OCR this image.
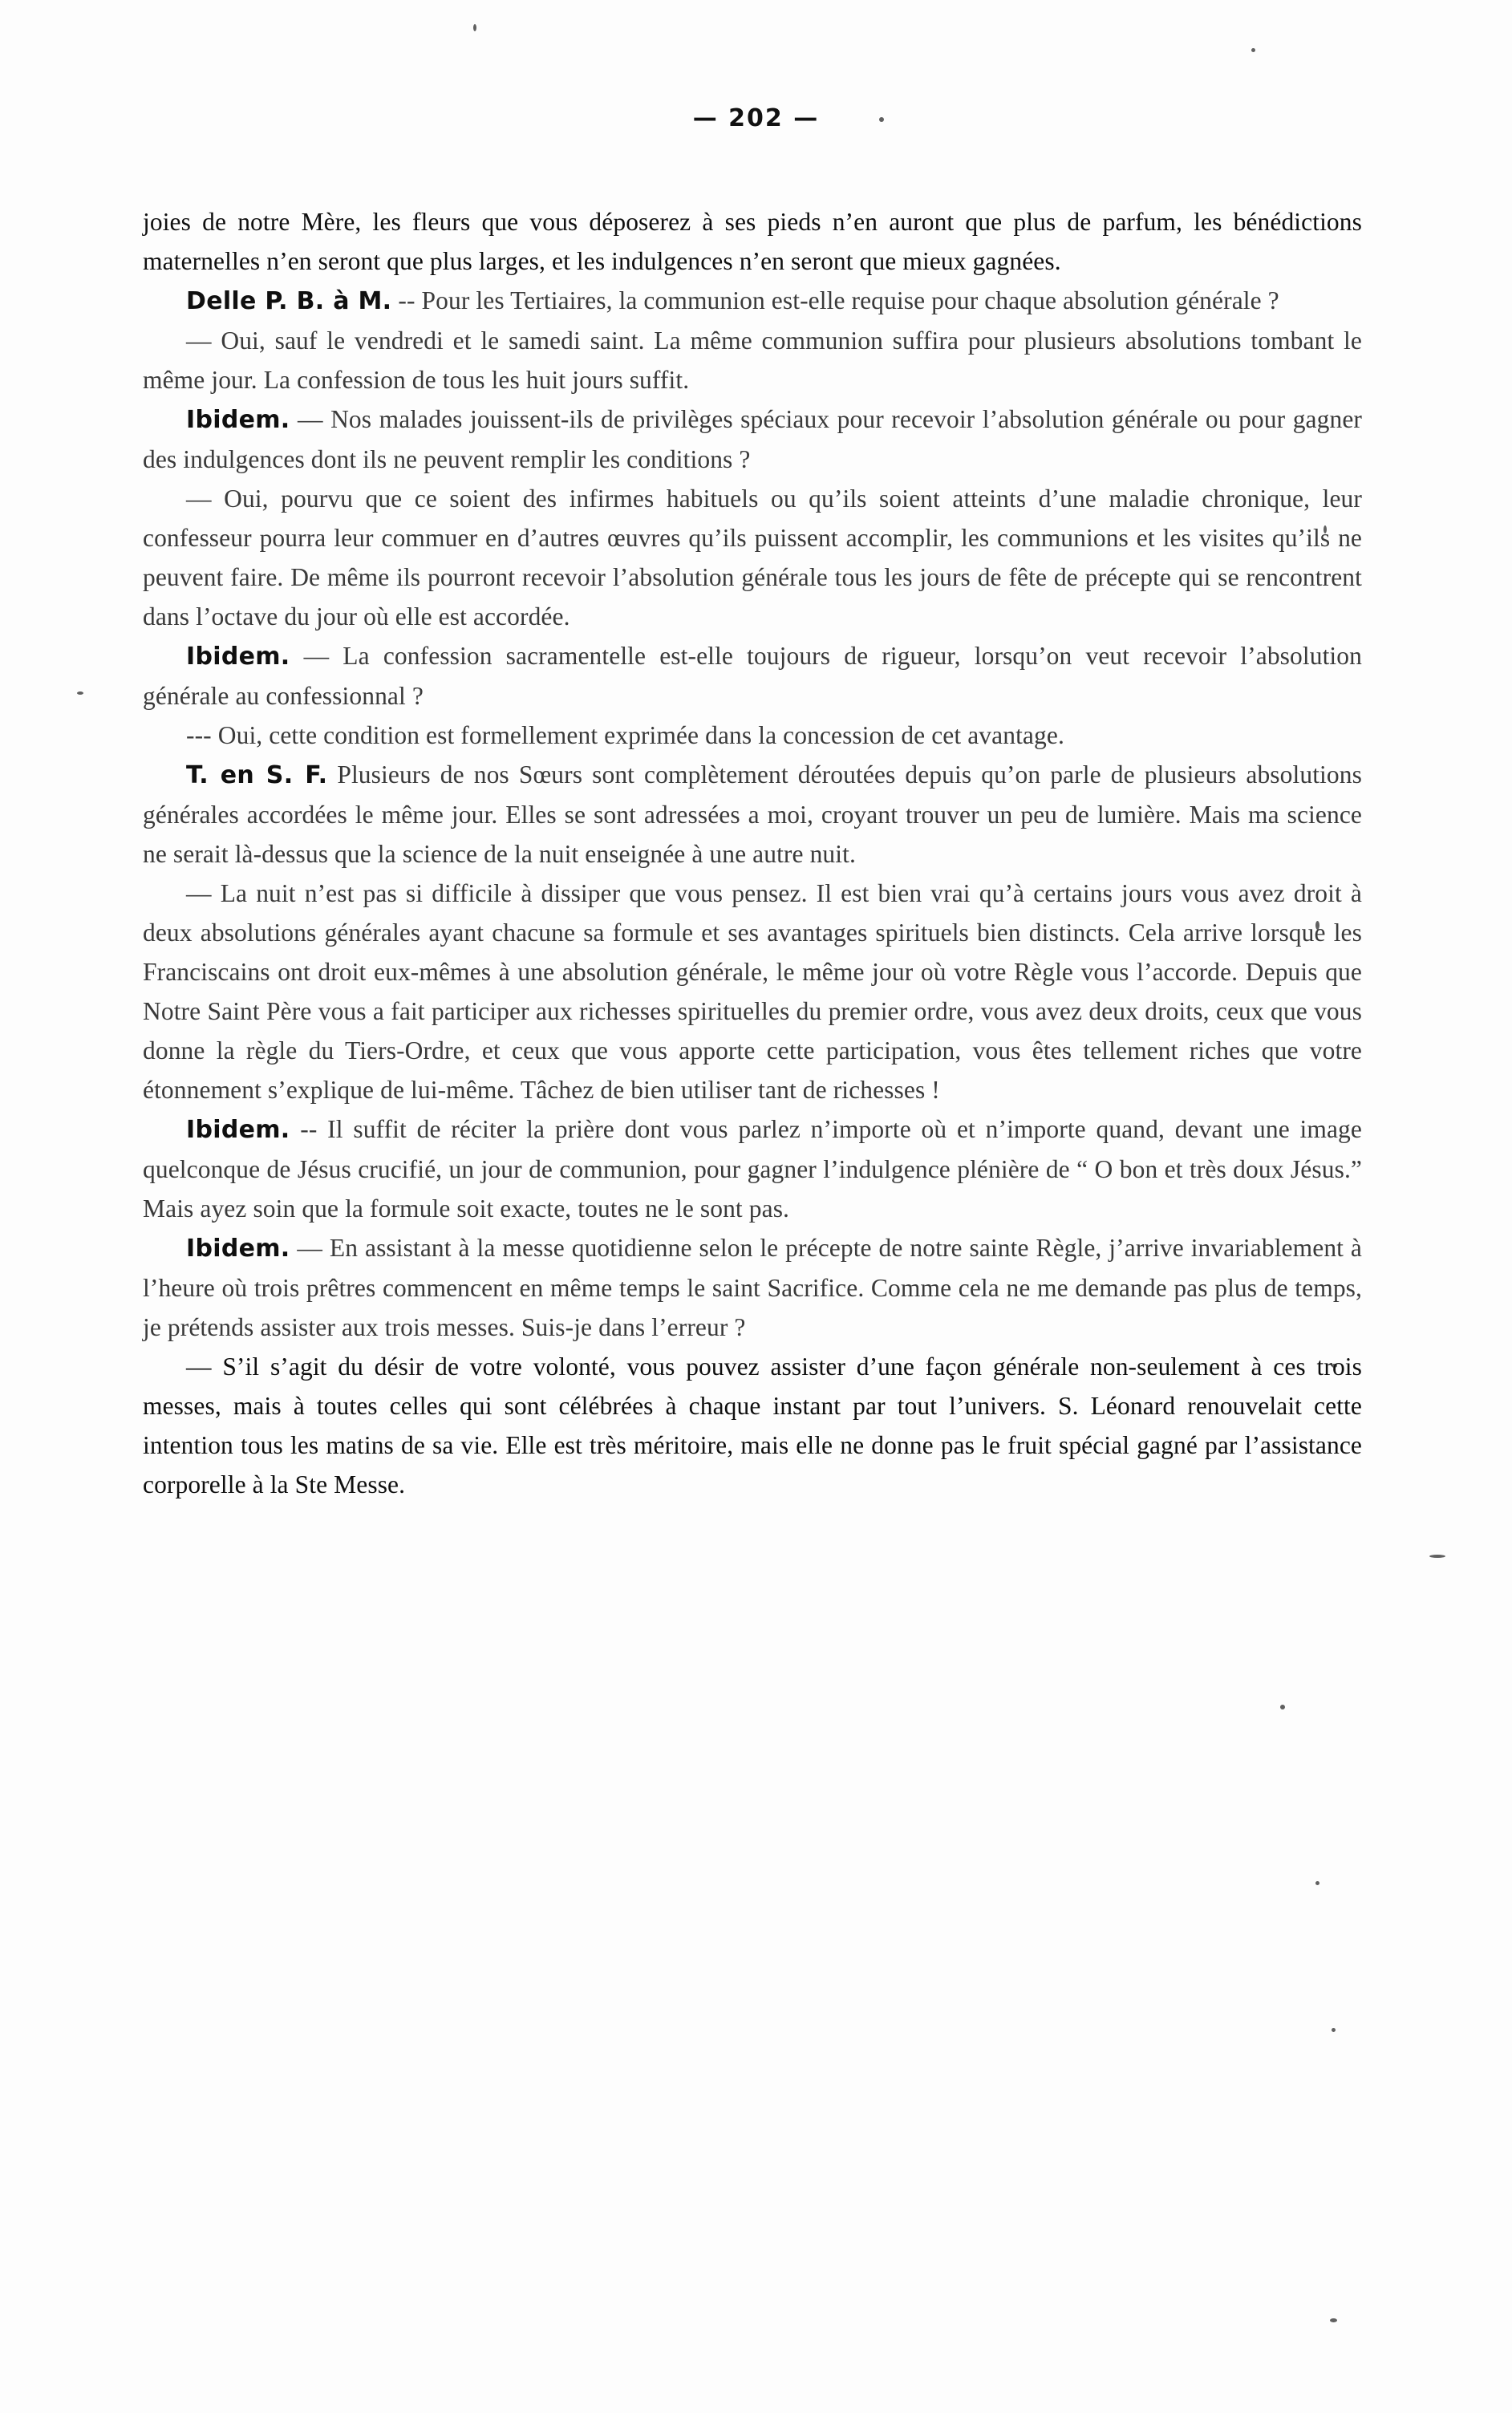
— 202 —

joies de notre Mère, les fleurs que vous déposerez à ses pieds n’en auront que plus de parfum, les bénédictions maternelles n’en seront que plus larges, et les indulgences n’en seront que mieux gagnées.

Delle P. B. à M. -- Pour les Tertiaires, la communion est-elle requise pour chaque absolution générale ?

— Oui, sauf le vendredi et le samedi saint. La même communion suffira pour plusieurs absolutions tombant le même jour. La confession de tous les huit jours suffit.

Ibidem. — Nos malades jouissent-ils de privilèges spéciaux pour recevoir l’absolution générale ou pour gagner des indulgences dont ils ne peuvent remplir les conditions ?

— Oui, pourvu que ce soient des infirmes habituels ou qu’ils soient atteints d’une maladie chronique, leur confesseur pourra leur commuer en d’autres œuvres qu’ils puissent accomplir, les communions et les visites qu’ils ne peuvent faire. De même ils pourront recevoir l’absolution générale tous les jours de fête de précepte qui se rencontrent dans l’octave du jour où elle est accordée.

Ibidem. — La confession sacramentelle est-elle toujours de rigueur, lorsqu’on veut recevoir l’absolution générale au confessionnal ?

--- Oui, cette condition est formellement exprimée dans la concession de cet avantage.

T. en S. F. Plusieurs de nos Sœurs sont complètement déroutées depuis qu’on parle de plusieurs absolutions générales accordées le même jour. Elles se sont adressées a moi, croyant trouver un peu de lumière. Mais ma science ne serait là-dessus que la science de la nuit enseignée à une autre nuit.

— La nuit n’est pas si difficile à dissiper que vous pensez. Il est bien vrai qu’à certains jours vous avez droit à deux absolutions générales ayant chacune sa formule et ses avantages spirituels bien distincts. Cela arrive lorsque les Franciscains ont droit eux-mêmes à une absolution générale, le même jour où votre Règle vous l’accorde. Depuis que Notre Saint Père vous a fait participer aux richesses spirituelles du premier ordre, vous avez deux droits, ceux que vous donne la règle du Tiers-Ordre, et ceux que vous apporte cette participation, vous êtes tellement riches que votre étonnement s’explique de lui-même. Tâchez de bien utiliser tant de richesses !

Ibidem. -- Il suffit de réciter la prière dont vous parlez n’importe où et n’importe quand, devant une image quelconque de Jésus crucifié, un jour de communion, pour gagner l’indulgence plénière de “ O bon et très doux Jésus.” Mais ayez soin que la formule soit exacte, toutes ne le sont pas.

Ibidem. — En assistant à la messe quotidienne selon le précepte de notre sainte Règle, j’arrive invariablement à l’heure où trois prêtres commencent en même temps le saint Sacrifice. Comme cela ne me demande pas plus de temps, je prétends assister aux trois messes. Suis-je dans l’erreur ?

— S’il s’agit du désir de votre volonté, vous pouvez assister d’une façon générale non-seulement à ces trois messes, mais à toutes celles qui sont célébrées à chaque instant par tout l’univers. S. Léonard renouvelait cette intention tous les matins de sa vie. Elle est très méritoire, mais elle ne donne pas le fruit spécial gagné par l’assistance corporelle à la Ste Messe.
